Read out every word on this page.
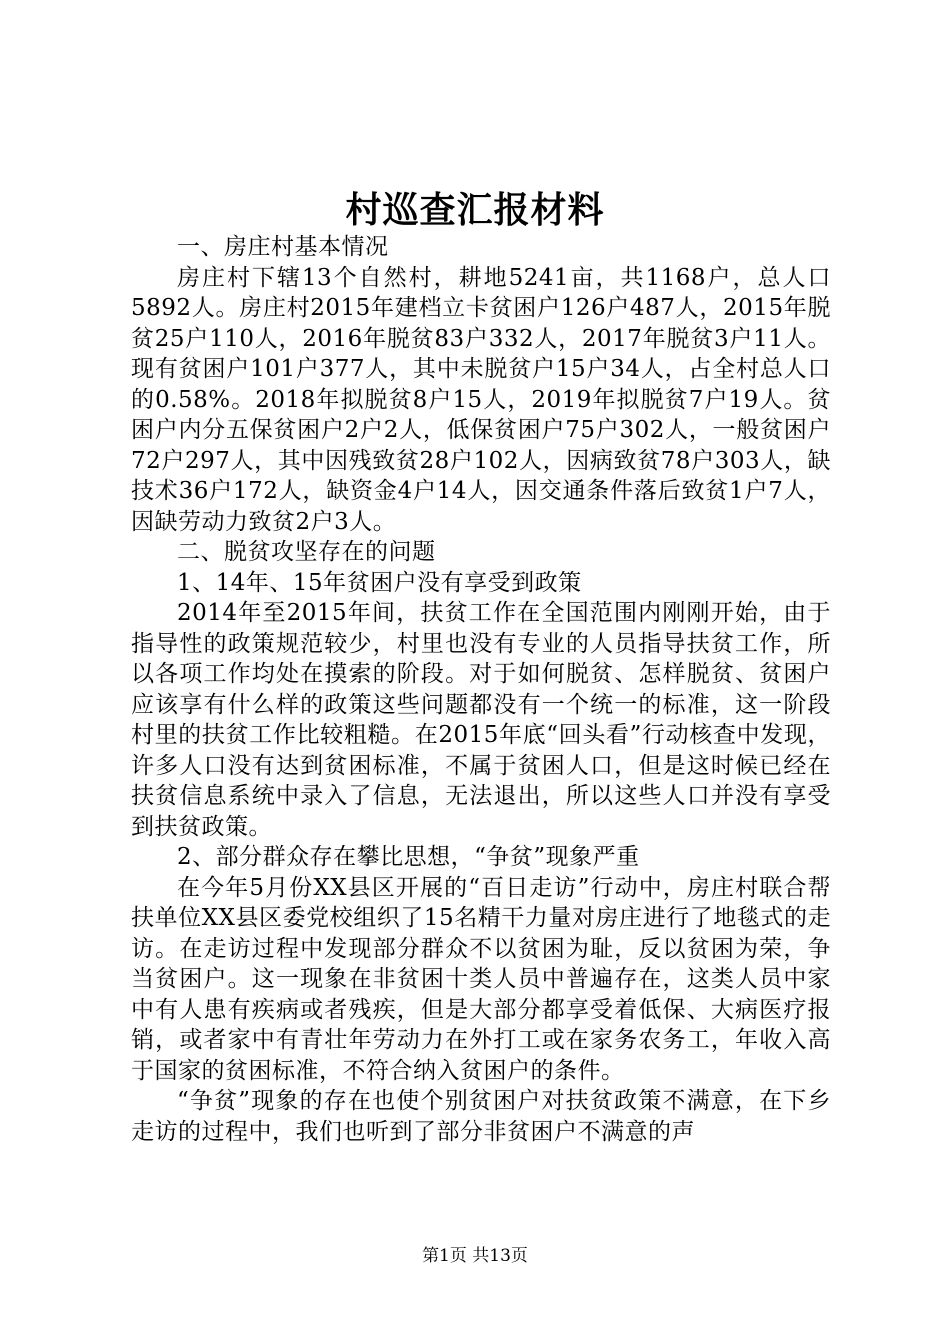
村巡查汇报材料

一、房庄村基本情况

房庄村下辖13个自然村，耕地5241亩，共1168户，总人口5892人。房庄村2015年建档立卡贫困户126户487人，2015年脱贫25户110人，2016年脱贫83户332人，2017年脱贫3户11人。现有贫困户101户377人，其中未脱贫户15户34人，占全村总人口的0.58%。2018年拟脱贫8户15人，2019年拟脱贫7户19人。贫困户内分五保贫困户2户2人，低保贫困户75户302人，一般贫困户72户297人，其中因残致贫28户102人，因病致贫78户303人，缺技术36户172人，缺资金4户14人，因交通条件落后致贫1户7人，因缺劳动力致贫2户3人。

二、脱贫攻坚存在的问题

1、14年、15年贫困户没有享受到政策

2014年至2015年间，扶贫工作在全国范围内刚刚开始，由于指导性的政策规范较少，村里也没有专业的人员指导扶贫工作，所以各项工作均处在摸索的阶段。对于如何脱贫、怎样脱贫、贫困户应该享有什么样的政策这些问题都没有一个统一的标准，这一阶段村里的扶贫工作比较粗糙。在2015年底“回头看”行动核查中发现，许多人口没有达到贫困标准，不属于贫困人口，但是这时候已经在扶贫信息系统中录入了信息，无法退出，所以这些人口并没有享受到扶贫政策。

2、部分群众存在攀比思想，“争贫”现象严重

在今年5月份XX县区开展的“百日走访”行动中，房庄村联合帮扶单位XX县区委党校组织了15名精干力量对房庄进行了地毯式的走访。在走访过程中发现部分群众不以贫困为耻，反以贫困为荣，争当贫困户。这一现象在非贫困十类人员中普遍存在，这类人员中家中有人患有疾病或者残疾，但是大部分都享受着低保、大病医疗报销，或者家中有青壮年劳动力在外打工或在家务农务工，年收入高于国家的贫困标准，不符合纳入贫困户的条件。

“争贫”现象的存在也使个别贫困户对扶贫政策不满意，在下乡走访的过程中，我们也听到了部分非贫困户不满意的声

第1页 共13页
